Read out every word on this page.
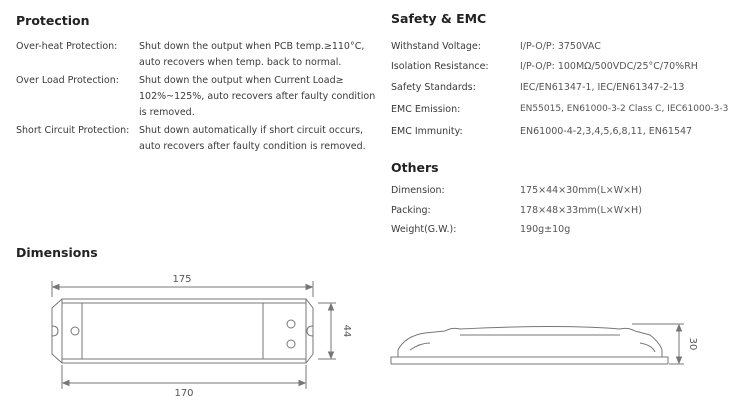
Protection
Over-heat Protection: Shut down the output when PCB temp.≥110°C,
auto recovers when temp. back to normal.
Over Load Protection: Shut down the output when Current Load≥
102%~125%, auto recovers after faulty condition
is removed.
Short Circuit Protection: Shut down automatically if short circuit occurs,
auto recovers after faulty condition is removed.
Safety & EMC
Withstand Voltage:	I/P-O/P: 3750VAC
Isolation Resistance:	I/P-O/P: 100MΩ/500VDC/25°C/70%RH
Safety Standards:	IEC/EN61347-1, IEC/EN61347-2-13
EMC Emission:	EN55015, EN61000-3-2 Class C, IEC61000-3-3
EMC Immunity:	EN61000-4-2,3,4,5,6,8,11, EN61547
Others
Dimension:	175×44×30mm(L×W×H)
Packing:	178×48×33mm(L×W×H)
Weight(G.W.):	190g±10g
Dimensions
175
170
44
30
